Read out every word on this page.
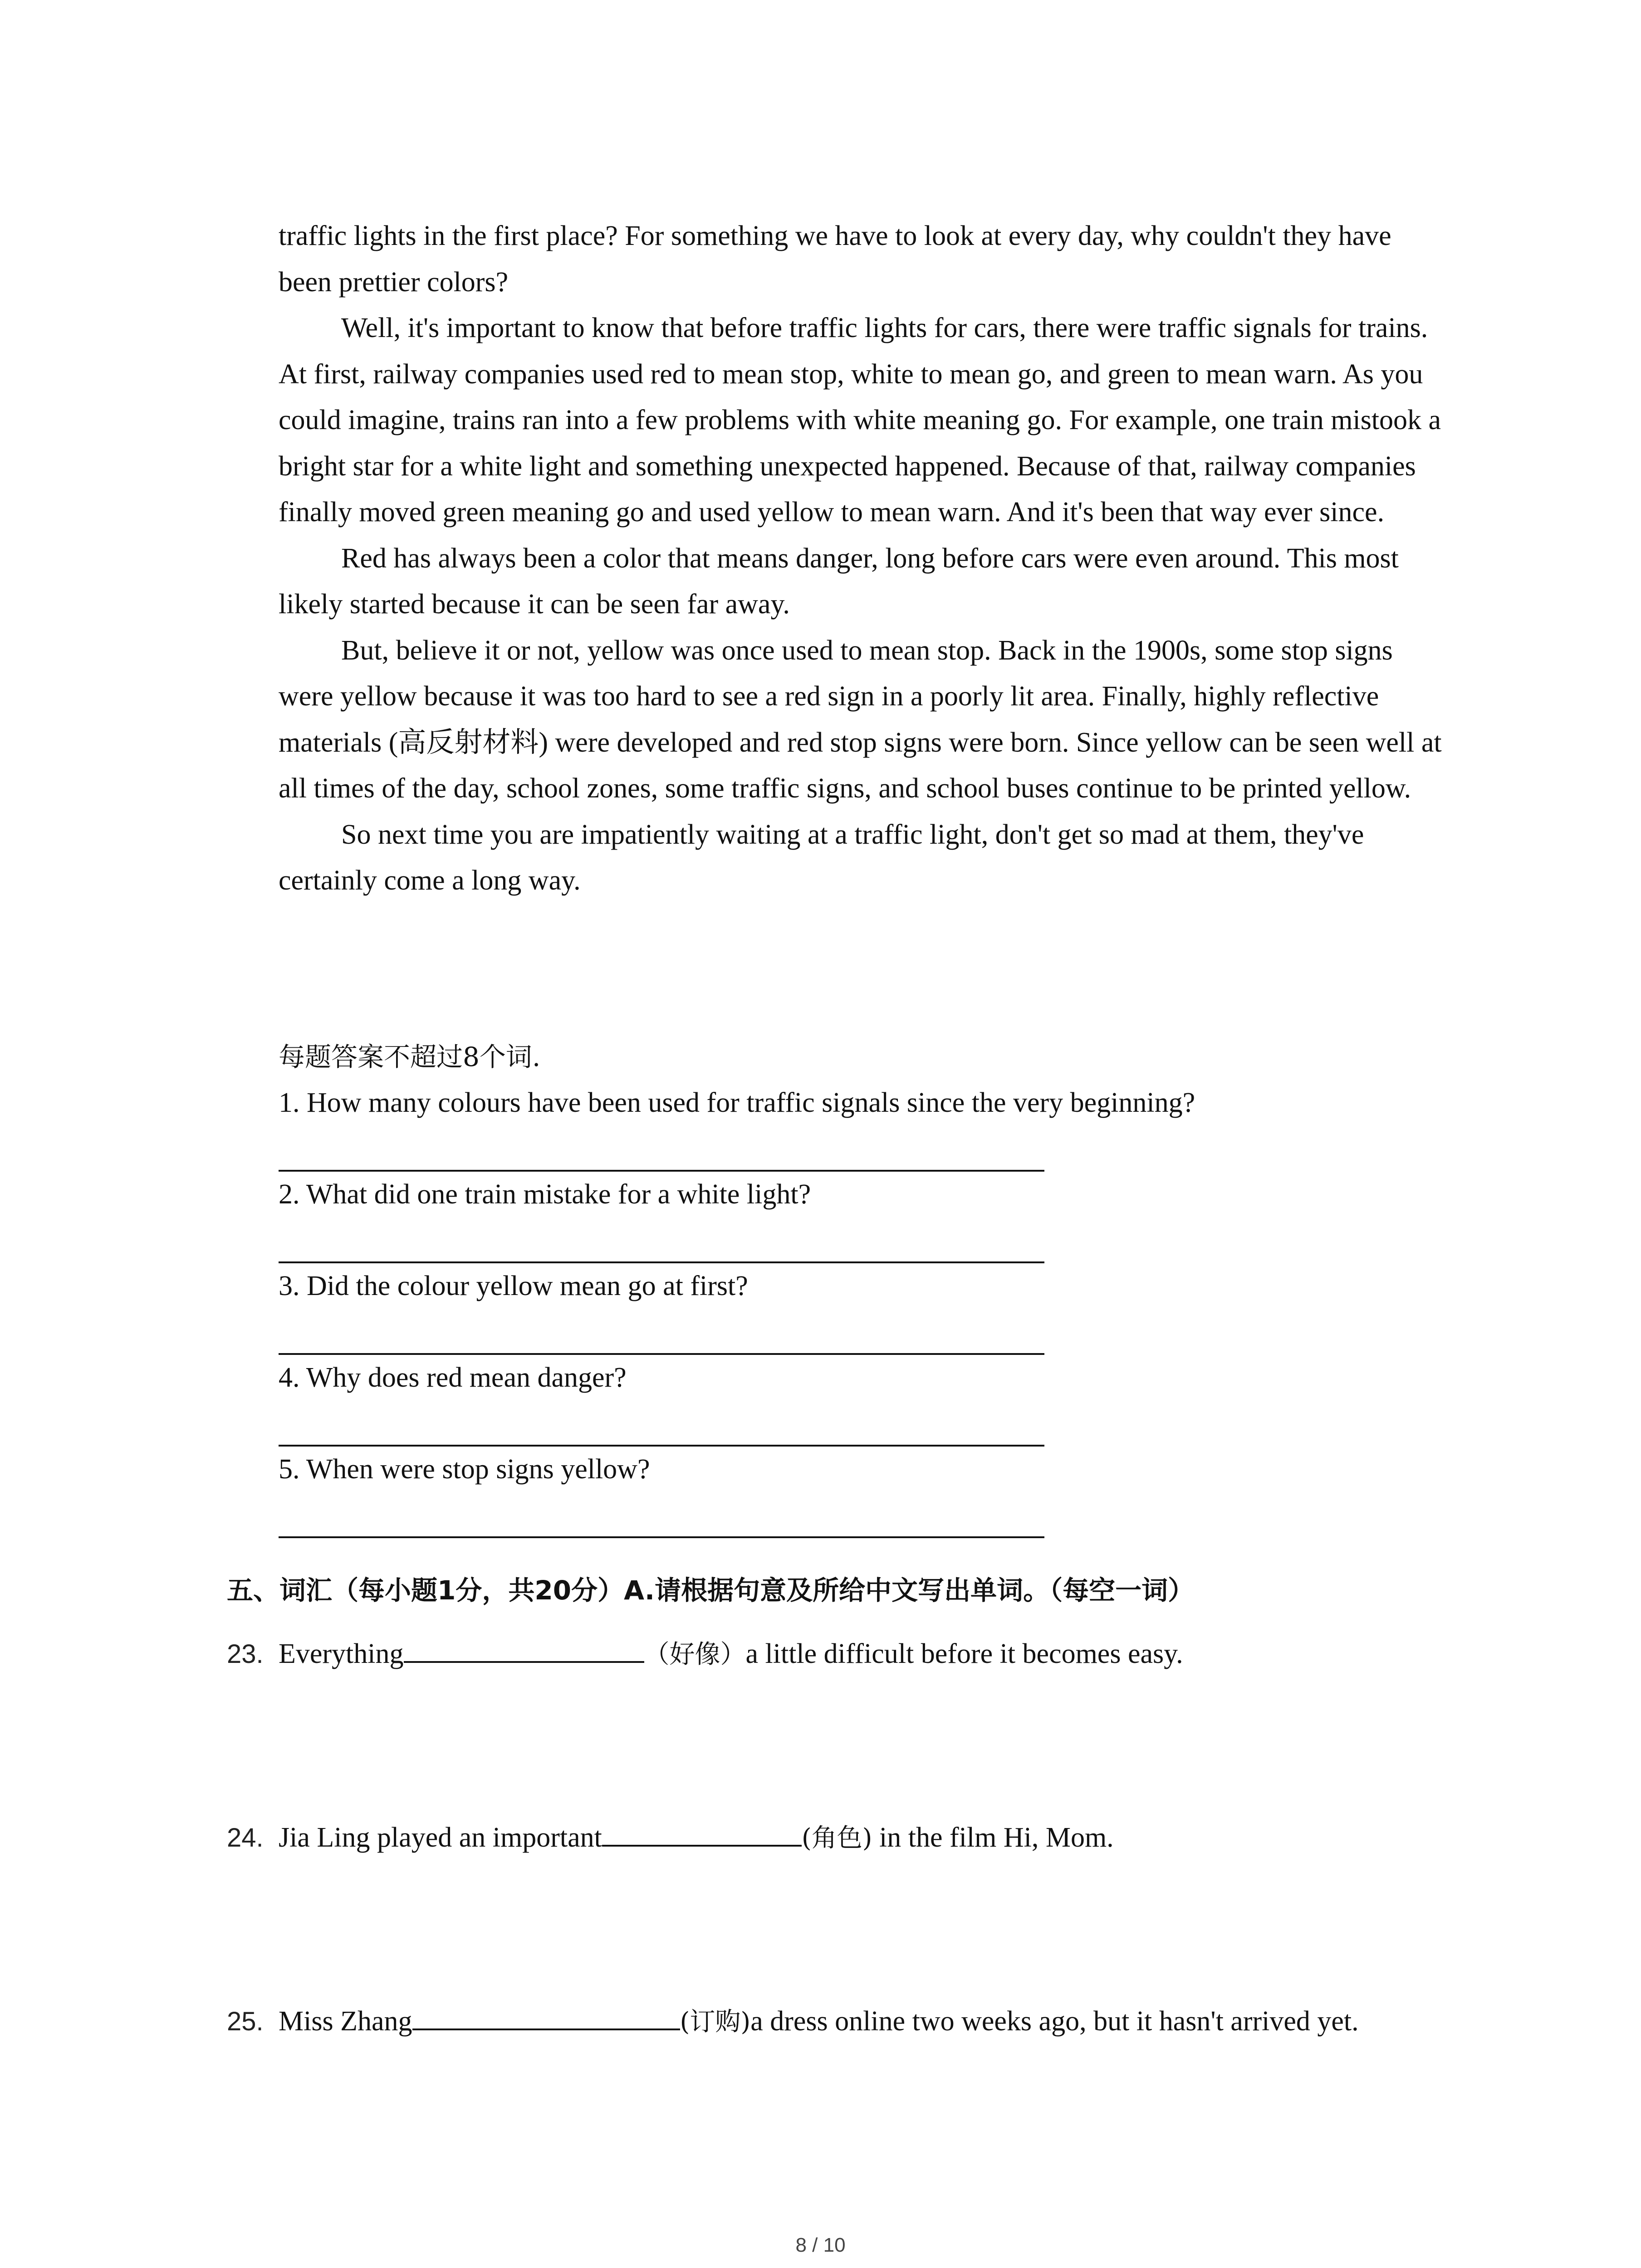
traffic lights in the first place? For something we have to look at every day, why couldn't they have been prettier colors?

Well, it's important to know that before traffic lights for cars, there were traffic signals for trains. At first, railway companies used red to mean stop, white to mean go, and green to mean warn. As you could imagine, trains ran into a few problems with white meaning go. For example, one train mistook a bright star for a white light and something unexpected happened. Because of that, railway companies finally moved green meaning go and used yellow to mean warn. And it's been that way ever since.

Red has always been a color that means danger, long before cars were even around. This most likely started because it can be seen far away.

But, believe it or not, yellow was once used to mean stop. Back in the 1900s, some stop signs were yellow because it was too hard to see a red sign in a poorly lit area. Finally, highly reflective materials (高反射材料) were developed and red stop signs were born. Since yellow can be seen well at all times of the day, school zones, some traffic signs, and school buses continue to be printed yellow.

So next time you are impatiently waiting at a traffic light, don't get so mad at them, they've certainly come a long way.

每题答案不超过8个词.
1. How many colours have been used for traffic signals since the very beginning?
2. What did one train mistake for a white light?
3. Did the colour yellow mean go at first?
4. Why does red mean danger?
5. When were stop signs yellow?
五、词汇（每小题1分，共20分）A.请根据句意及所给中文写出单词。（每空一词）
23. Everything	（好像）a little difficult before it becomes easy.
24. Jia Ling played an important	(角色) in the film Hi, Mom.
25. Miss Zhang	(订购)a dress online two weeks ago, but it hasn't arrived yet.
8 / 10
